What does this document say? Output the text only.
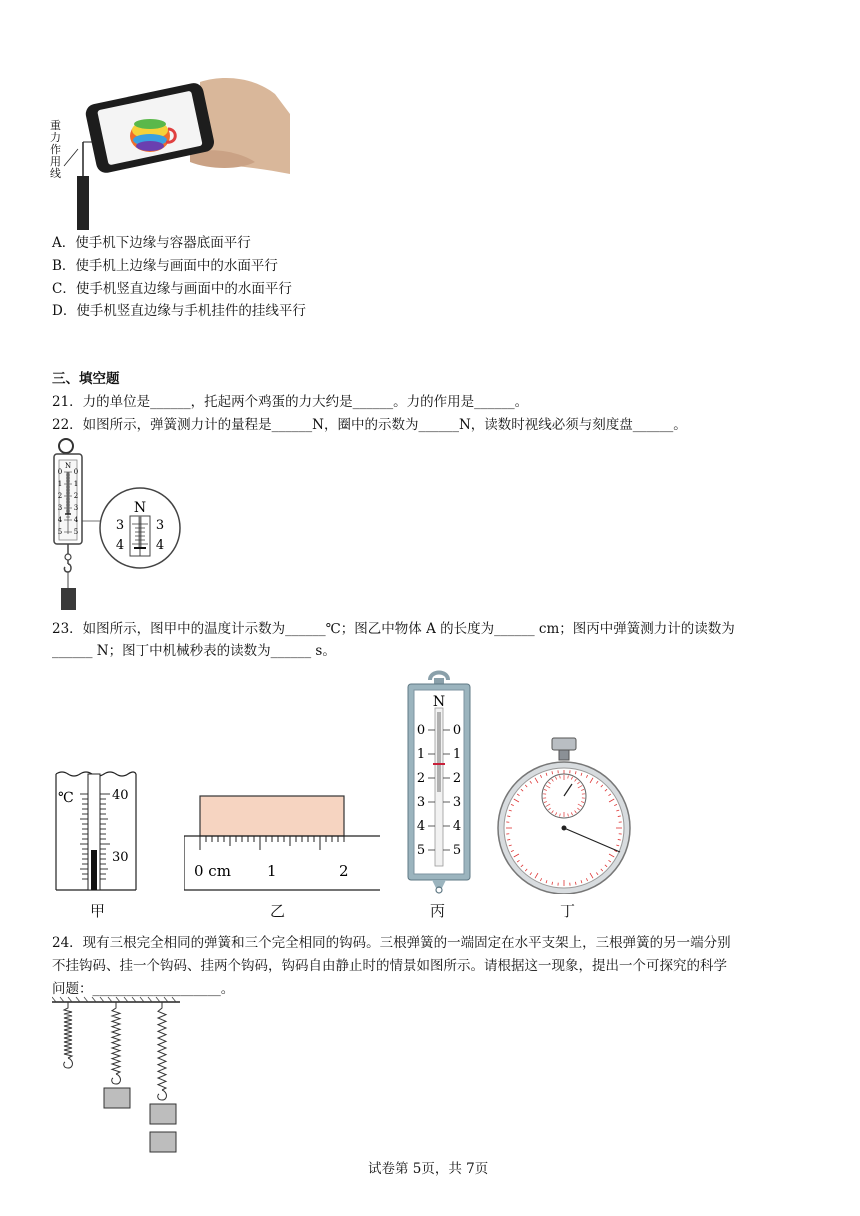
重
力
作
用
线
A．使手机下边缘与容器底面平行
B．使手机上边缘与画面中的水面平行
C．使手机竖直边缘与画面中的水面平行
D．使手机竖直边缘与手机挂件的挂线平行
三、填空题
21．力的单位是______，托起两个鸡蛋的力大约是______。力的作用是______。
22．如图所示，弹簧测力计的量程是______N，圈中的示数为______N，读数时视线必须与刻度盘______。
N
0
1
2
3
4
5
0
1
2
3
4
5
N
3
4
3
4
23．如图所示，图甲中的温度计示数为______℃；图乙中物体 A 的长度为______ cm；图丙中弹簧测力计的读数为
______ N；图丁中机械秒表的读数为______ s。
℃	40
30
甲
0 cm 1	2
乙
N
0
1
2
3
4
5
0
1
2
3
4
5
丙	丁
24．现有三根完全相同的弹簧和三个完全相同的钩码。三根弹簧的一端固定在水平支架上，三根弹簧的另一端分别
不挂钩码、挂一个钩码、挂两个钩码，钩码自由静止时的情景如图所示。请根据这一现象，提出一个可探究的科学
问题：___________________。
试卷第 5页，共 7页
